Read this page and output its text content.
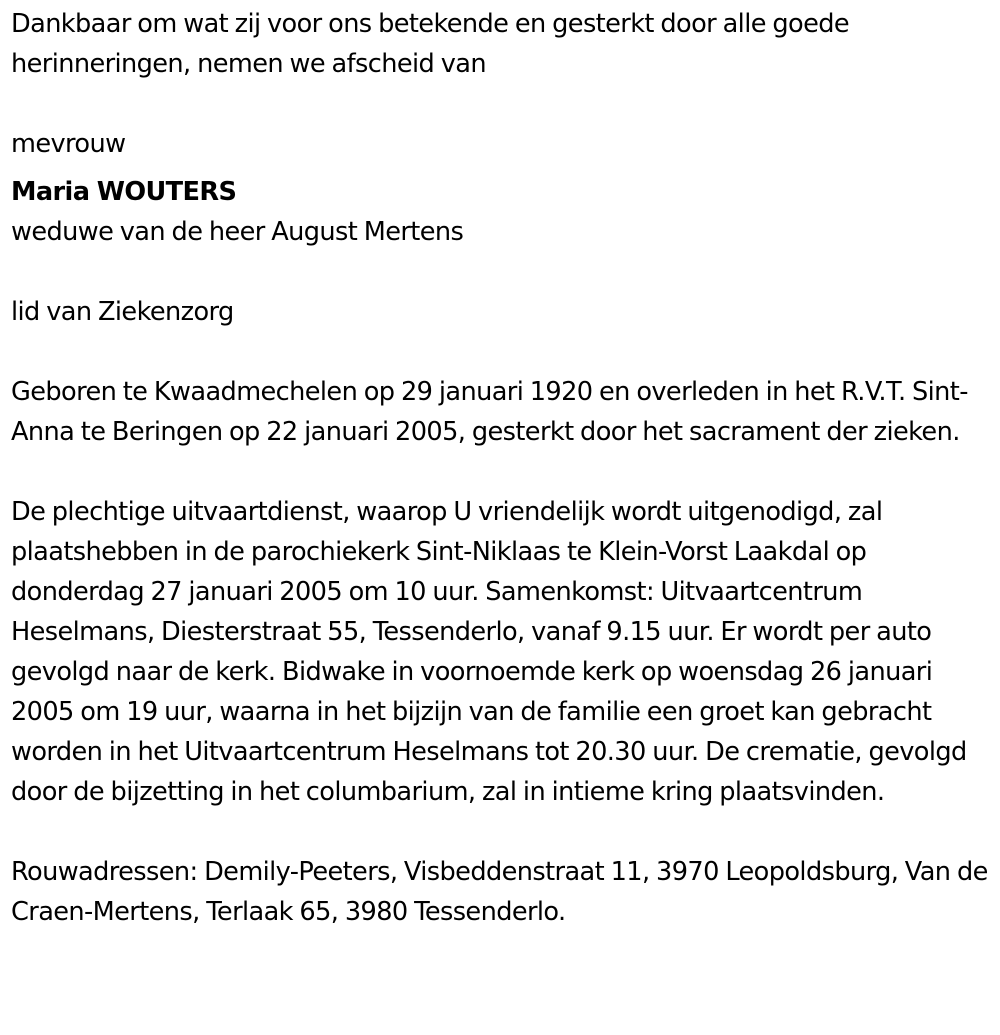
Dankbaar om wat zij voor ons betekende en gesterkt door alle goede herinneringen, nemen we afscheid van

mevrouw

Maria WOUTERS

weduwe van de heer August Mertens

lid van Ziekenzorg

Geboren te Kwaadmechelen op 29 januari 1920 en overleden in het R.V.T. Sint-Anna te Beringen op 22 januari 2005, gesterkt door het sacrament der zieken.

De plechtige uitvaartdienst, waarop U vriendelijk wordt uitgenodigd, zal plaatshebben in de parochiekerk Sint-Niklaas te Klein-Vorst Laakdal op donderdag 27 januari 2005 om 10 uur. Samenkomst: Uitvaartcentrum Heselmans, Diesterstraat 55, Tessenderlo, vanaf 9.15 uur. Er wordt per auto gevolgd naar de kerk. Bidwake in voornoemde kerk op woensdag 26 januari 2005 om 19 uur, waarna in het bijzijn van de familie een groet kan gebracht worden in het Uitvaartcentrum Heselmans tot 20.30 uur. De crematie, gevolgd door de bijzetting in het columbarium, zal in intieme kring plaatsvinden.

Rouwadressen: Demily-Peeters, Visbeddenstraat 11, 3970 Leopoldsburg, Van de Craen-Mertens, Terlaak 65, 3980 Tessenderlo.
